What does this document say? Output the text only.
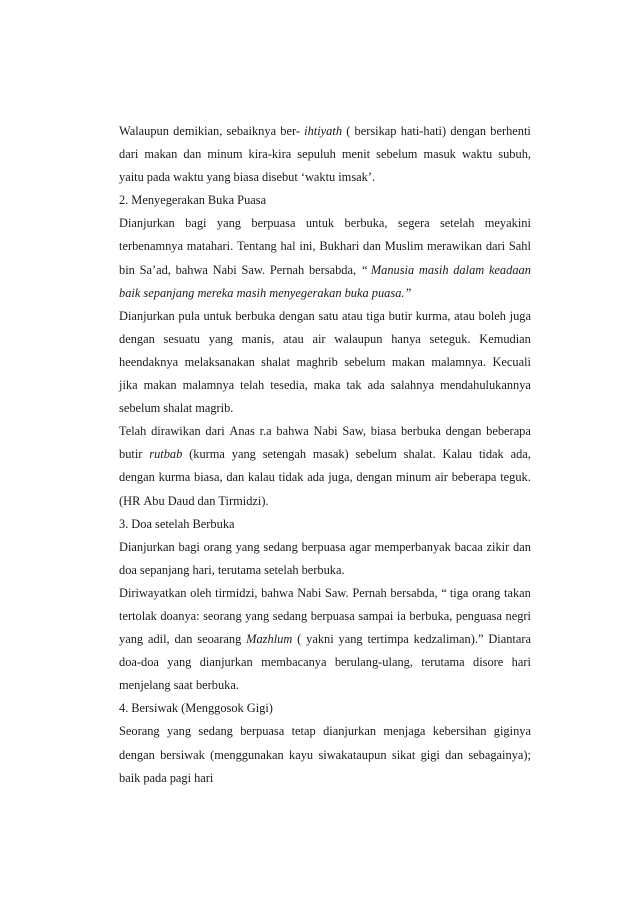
Walaupun demikian, sebaiknya ber- ihtiyath ( bersikap hati-hati) dengan berhenti
dari makan dan minum kira-kira sepuluh menit sebelum masuk waktu subuh,
yaitu pada waktu yang biasa disebut ‘waktu imsak’.
2. Menyegerakan Buka Puasa
Dianjurkan bagi yang berpuasa untuk berbuka, segera setelah meyakini
terbenamnya matahari. Tentang hal ini, Bukhari dan Muslim merawikan dari Sahl
bin Sa’ad, bahwa Nabi Saw. Pernah bersabda, “ Manusia masih dalam keadaan
baik sepanjang mereka masih menyegerakan buka puasa.”
Dianjurkan pula untuk berbuka dengan satu atau tiga butir kurma, atau boleh juga
dengan sesuatu yang manis, atau air walaupun hanya seteguk. Kemudian
heendaknya melaksanakan shalat maghrib sebelum makan malamnya. Kecuali
jika makan malamnya telah tesedia, maka tak ada salahnya mendahulukannya
sebelum shalat magrib.
Telah dirawikan dari Anas r.a bahwa Nabi Saw, biasa berbuka dengan beberapa
butir rutbab (kurma yang setengah masak) sebelum shalat. Kalau tidak ada,
dengan kurma biasa, dan kalau tidak ada juga, dengan minum air beberapa teguk.
(HR Abu Daud dan Tirmidzi).
3. Doa setelah Berbuka
Dianjurkan bagi orang yang sedang berpuasa agar memperbanyak bacaa zikir dan
doa sepanjang hari, terutama setelah berbuka.
Diriwayatkan oleh tirmidzi, bahwa Nabi Saw. Pernah bersabda, “ tiga orang takan
tertolak doanya: seorang yang sedang berpuasa sampai ia berbuka, penguasa negri
yang adil, dan seoarang Mazhlum ( yakni yang tertimpa kedzaliman).” Diantara
doa-doa yang dianjurkan membacanya berulang-ulang, terutama disore hari
menjelang saat berbuka.
4. Bersiwak (Menggosok Gigi)
Seorang yang sedang berpuasa tetap dianjurkan menjaga kebersihan giginya
dengan bersiwak (menggunakan kayu siwakataupun sikat gigi dan sebagainya);
baik pada pagi hari
